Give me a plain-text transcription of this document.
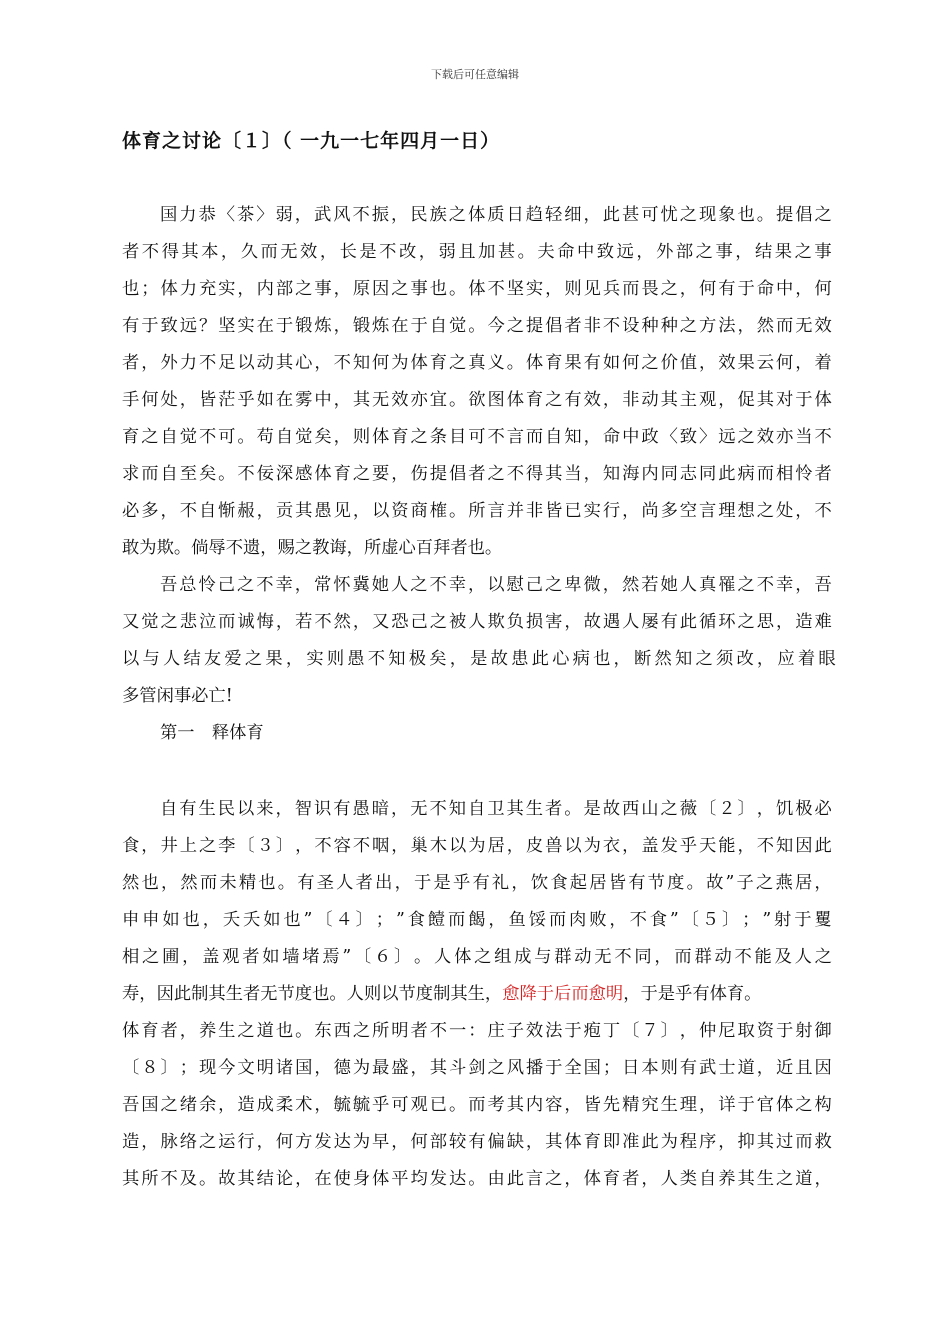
下载后可任意编辑
体育之讨论〔１〕（ 一九一七年四月一日）
国 力 恭 〈 茶 〉 弱 ， 武 风 不 振 ， 民 族 之 体 质 日 趋 轻 细 ， 此 甚 可 忧 之 现 象 也 。 提 倡 之
者 不 得 其 本 ， 久 而 无 效 ， 长 是 不 改 ， 弱 且 加 甚 。 夫 命 中 致 远 ， 外 部 之 事 ， 结 果 之 事
也 ； 体 力 充 实 ， 内 部 之 事 ， 原 因 之 事 也 。 体 不 坚 实 ， 则 见 兵 而 畏 之 ， 何 有 于 命 中 ， 何
有 于 致 远 ？ 坚 实 在 于 锻 炼 ， 锻 炼 在 于 自 觉 。 今 之 提 倡 者 非 不 设 种 种 之 方 法 ， 然 而 无 效
者 ， 外 力 不 足 以 动 其 心 ， 不 知 何 为 体 育 之 真 义 。 体 育 果 有 如 何 之 价 值 ， 效 果 云 何 ， 着
手 何 处 ， 皆 茫 乎 如 在 雾 中 ， 其 无 效 亦 宜 。 欲 图 体 育 之 有 效 ， 非 动 其 主 观 ， 促 其 对 于 体
育 之 自 觉 不 可 。 苟 自 觉 矣 ， 则 体 育 之 条 目 可 不 言 而 自 知 ， 命 中 政 〈 致 〉 远 之 效 亦 当 不
求 而 自 至 矣 。 不 佞 深 感 体 育 之 要 ， 伤 提 倡 者 之 不 得 其 当 ， 知 海 内 同 志 同 此 病 而 相 怜 者
必 多 ， 不 自 惭 赧 ， 贡 其 愚 见 ， 以 资 商 榷 。 所 言 并 非 皆 已 实 行 ， 尚 多 空 言 理 想 之 处 ， 不
敢为欺。倘辱不遗，赐之教诲，所虚心百拜者也。
吾 总 怜 己 之 不 幸 ， 常 怀 冀 她 人 之 不 幸 ， 以 慰 己 之 卑 微 ， 然 若 她 人 真 罹 之 不 幸 ， 吾
又 觉 之 悲 泣 而 诚 悔 ， 若 不 然 ， 又 恐 己 之 被 人 欺 负 损 害 ， 故 遇 人 屡 有 此 循 环 之 思 ， 造 难
以与人结友爱之果，实则愚不知极矣，是故患此心病也，断然知之须改，应着眼
多管闲事必亡!
第一　释体育
自 有 生 民 以 来 ， 智 识 有 愚 暗 ， 无 不 知 自 卫 其 生 者 。 是 故 西 山 之 薇 〔 ２ 〕 ， 饥 极 必
食 ， 井 上 之 李 〔 ３ 〕 ， 不 容 不 咽 ， 巢 木 以 为 居 ， 皮 兽 以 为 衣 ， 盖 发 乎 天 能 ， 不 知 因 此
然 也 ， 然 而 未 精 也 。 有 圣 人 者 出 ， 于 是 乎 有 礼 ， 饮 食 起 居 皆 有 节 度 。 故 ” 子 之 燕 居 ，
申 申 如 也 ， 夭 夭 如 也 ” 〔 ４ 〕 ； ” 食 饐 而 餲 ， 鱼 馁 而 肉 败 ， 不 食 ” 〔 ５ 〕 ； ” 射 于 矍
相 之 圃 ， 盖 观 者 如 墙 堵 焉 ” 〔 ６ 〕 。 人 体 之 组 成 与 群 动 无 不 同 ， 而 群 动 不 能 及 人 之
寿，因此制其生者无节度也。人则以节度制其生， 愈降于后而愈明 ，于是乎有体育。
体 育 者 ， 养 生 之 道 也 。 东 西 之 所 明 者 不 一 ： 庄 子 效 法 于 疱 丁 〔 ７ 〕 ， 仲 尼 取 资 于 射 御
〔 ８ 〕 ； 现 今 文 明 诸 国 ， 德 为 最 盛 ， 其 斗 剑 之 风 播 于 全 国 ； 日 本 则 有 武 士 道 ， 近 且 因
吾 国 之 绪 余 ， 造 成 柔 术 ， 毓 毓 乎 可 观 已 。 而 考 其 内 容 ， 皆 先 精 究 生 理 ， 详 于 官 体 之 构
造 ， 脉 络 之 运 行 ， 何 方 发 达 为 早 ， 何 部 较 有 偏 缺 ， 其 体 育 即 准 此 为 程 序 ， 抑 其 过 而 救
其 所 不 及 。 故 其 结 论 ， 在 使 身 体 平 均 发 达 。 由 此 言 之 ， 体 育 者 ， 人 类 自 养 其 生 之 道 ，
